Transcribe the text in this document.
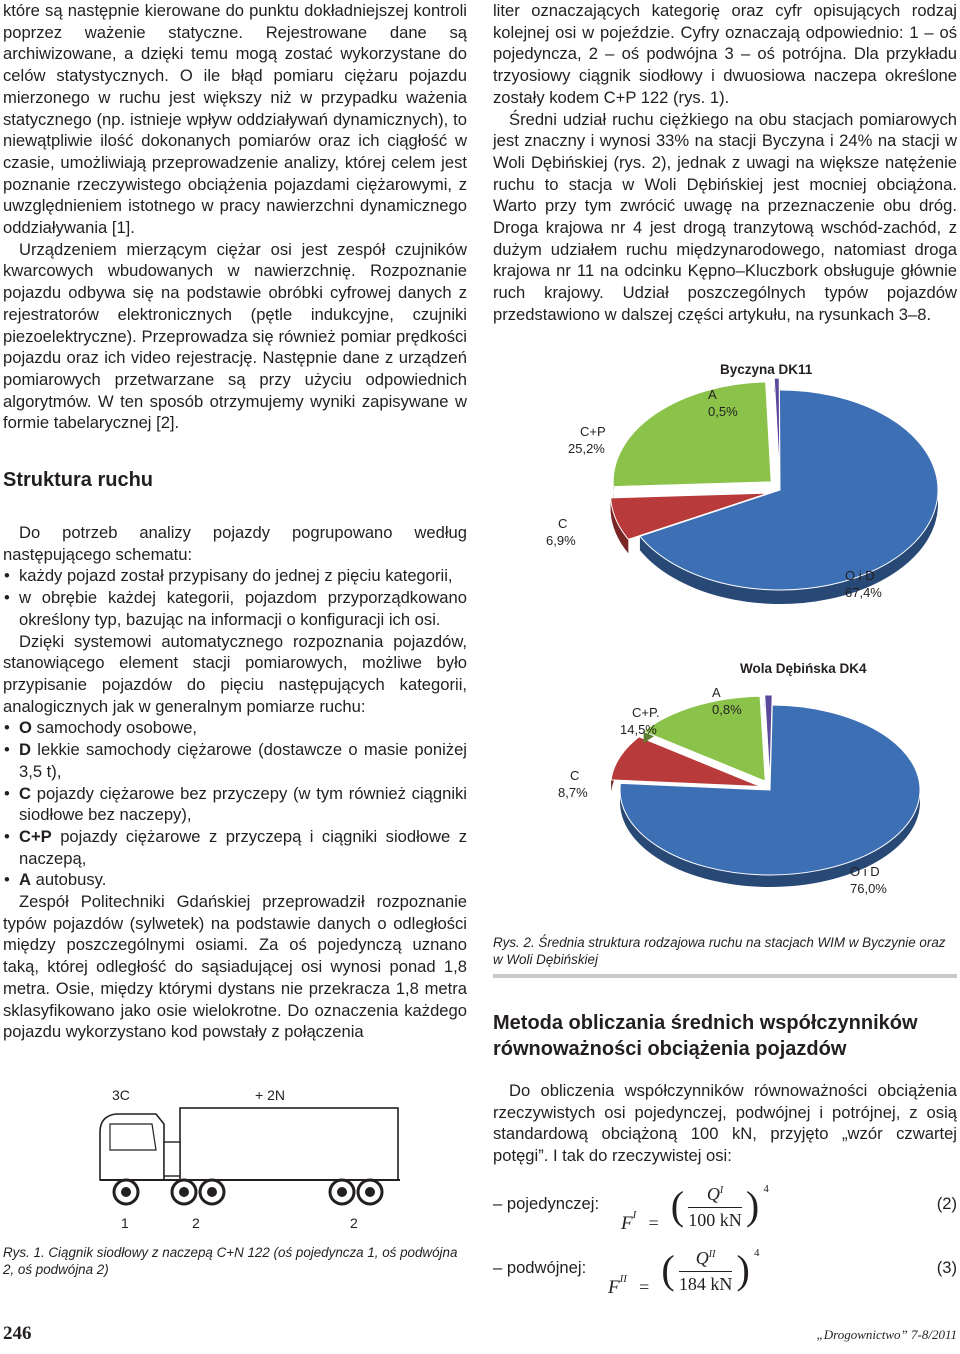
które są następnie kierowane do punktu dokładniejszej kontroli poprzez ważenie statyczne. Rejestrowane dane są archiwizowane, a dzięki temu mogą zostać wykorzystane do celów statystycznych. O ile błąd pomiaru ciężaru pojazdu mierzonego w ruchu jest większy niż w przypadku ważenia statycznego (np. istnieje wpływ oddziaływań dynamicznych), to niewątpliwie ilość dokonanych pomiarów oraz ich ciągłość w czasie, umożliwiają przeprowadzenie analizy, której celem jest poznanie rzeczywistego obciążenia pojazdami ciężarowymi, z uwzględnieniem istotnego w pracy nawierzchni dynamicznego oddziaływania [1].

Urządzeniem mierzącym ciężar osi jest zespół czujników kwarcowych wbudowanych w nawierzchnię. Rozpoznanie pojazdu odbywa się na podstawie obróbki cyfrowej danych z rejestratorów elektronicznych (pętle indukcyjne, czujniki piezoelektryczne). Przeprowadza się również pomiar prędkości pojazdu oraz ich video rejestrację. Następnie dane z urządzeń pomiarowych przetwarzane są przy użyciu odpowiednich algorytmów. W ten sposób otrzymujemy wyniki zapisywane w formie tabelarycznej [2].

Struktura ruchu

Do potrzeb analizy pojazdy pogrupowano według następującego schematu:

• każdy pojazd został przypisany do jednej z pięciu kategorii,
• w obrębie każdej kategorii, pojazdom przyporządkowano określony typ, bazując na informacji o konfiguracji ich osi.

Dzięki systemowi automatycznego rozpoznania pojazdów, stanowiącego element stacji pomiarowych, możliwe było przypisanie pojazdów do pięciu następujących kategorii, analogicznych jak w generalnym pomiarze ruchu:

• O samochody osobowe,
• D lekkie samochody ciężarowe (dostawcze o masie poniżej 3,5 t),
• C pojazdy ciężarowe bez przyczepy (w tym również ciągniki siodłowe bez naczepy),
• C+P pojazdy ciężarowe z przyczepą i ciągniki siodłowe z naczepą,
• A autobusy.

Zespół Politechniki Gdańskiej przeprowadził rozpoznanie typów pojazdów (sylwetek) na podstawie danych o odległości między poszczególnymi osiami. Za oś pojedynczą uznano taką, której odległość do sąsiadującej osi wynosi ponad 1,8 metra. Osie, między którymi dystans nie przekracza 1,8 metra sklasyfikowano jako osie wielokrotne. Do oznaczenia każdego pojazdu wykorzystano kod powstały z połączenia

3C	+ 2N
1	2	2
Rys. 1. Ciągnik siodłowy z naczepą C+N 122 (oś pojedyncza 1, oś podwójna 2, oś podwójna 2)

liter oznaczających kategorię oraz cyfr opisujących rodzaj kolejnej osi w pojeździe. Cyfry oznaczają odpowiednio: 1 – oś pojedyncza, 2 – oś podwójna 3 – oś potrójna. Dla przykładu trzyosiowy ciągnik siodłowy i dwuosiowa naczepa określone zostały kodem C+P 122 (rys. 1).

Średni udział ruchu ciężkiego na obu stacjach pomiarowych jest znaczny i wynosi 33% na stacji Byczyna i 24% na stacji w Woli Dębińskiej (rys. 2), jednak z uwagi na większe natężenie ruchu to stacja w Woli Dębińskiej jest mocniej obciążona. Warto przy tym zwrócić uwagę na przeznaczenie obu dróg. Droga krajowa nr 4 jest drogą tranzytową wschód-zachód, z dużym udziałem ruchu międzynarodowego, natomiast droga krajowa nr 11 na odcinku Kępno–Kluczbork obsługuje głównie ruch krajowy. Udział poszczególnych typów pojazdów przedstawiono w dalszej części artykułu, na rysunkach 3–8.

Byczyna DK11
O i D
67,4%
C
6,9%
C+P
25,2%
A
0,5%
Wola Dębińska DK4
O i D
76,0%
C
8,7%
C+P.
14,5%
A
0,8%
Rys. 2. Średnia struktura rodzajowa ruchu na stacjach WIM w Byczynie oraz w Woli Dębińskiej
Metoda obliczania średnich współczynników równoważności obciążenia pojazdów

Do obliczenia współczynników równoważności obciążenia rzeczywistych osi pojedynczej, podwójnej i potrójnej, z osią standardową obciążoną 100 kN, przyjęto „wzór czwartej potęgi”. I tak do rzeczywistej osi:

– pojedynczej:
$F^I$ = ( $\frac{Q^I}{100 kN}$ ) $^4$
(2)
– podwójnej:
$F^{II}$ = ( $\frac{Q^{II}}{184 kN}$ ) $^4$
(3)
246	„Drogownictwo” 7-8/2011
